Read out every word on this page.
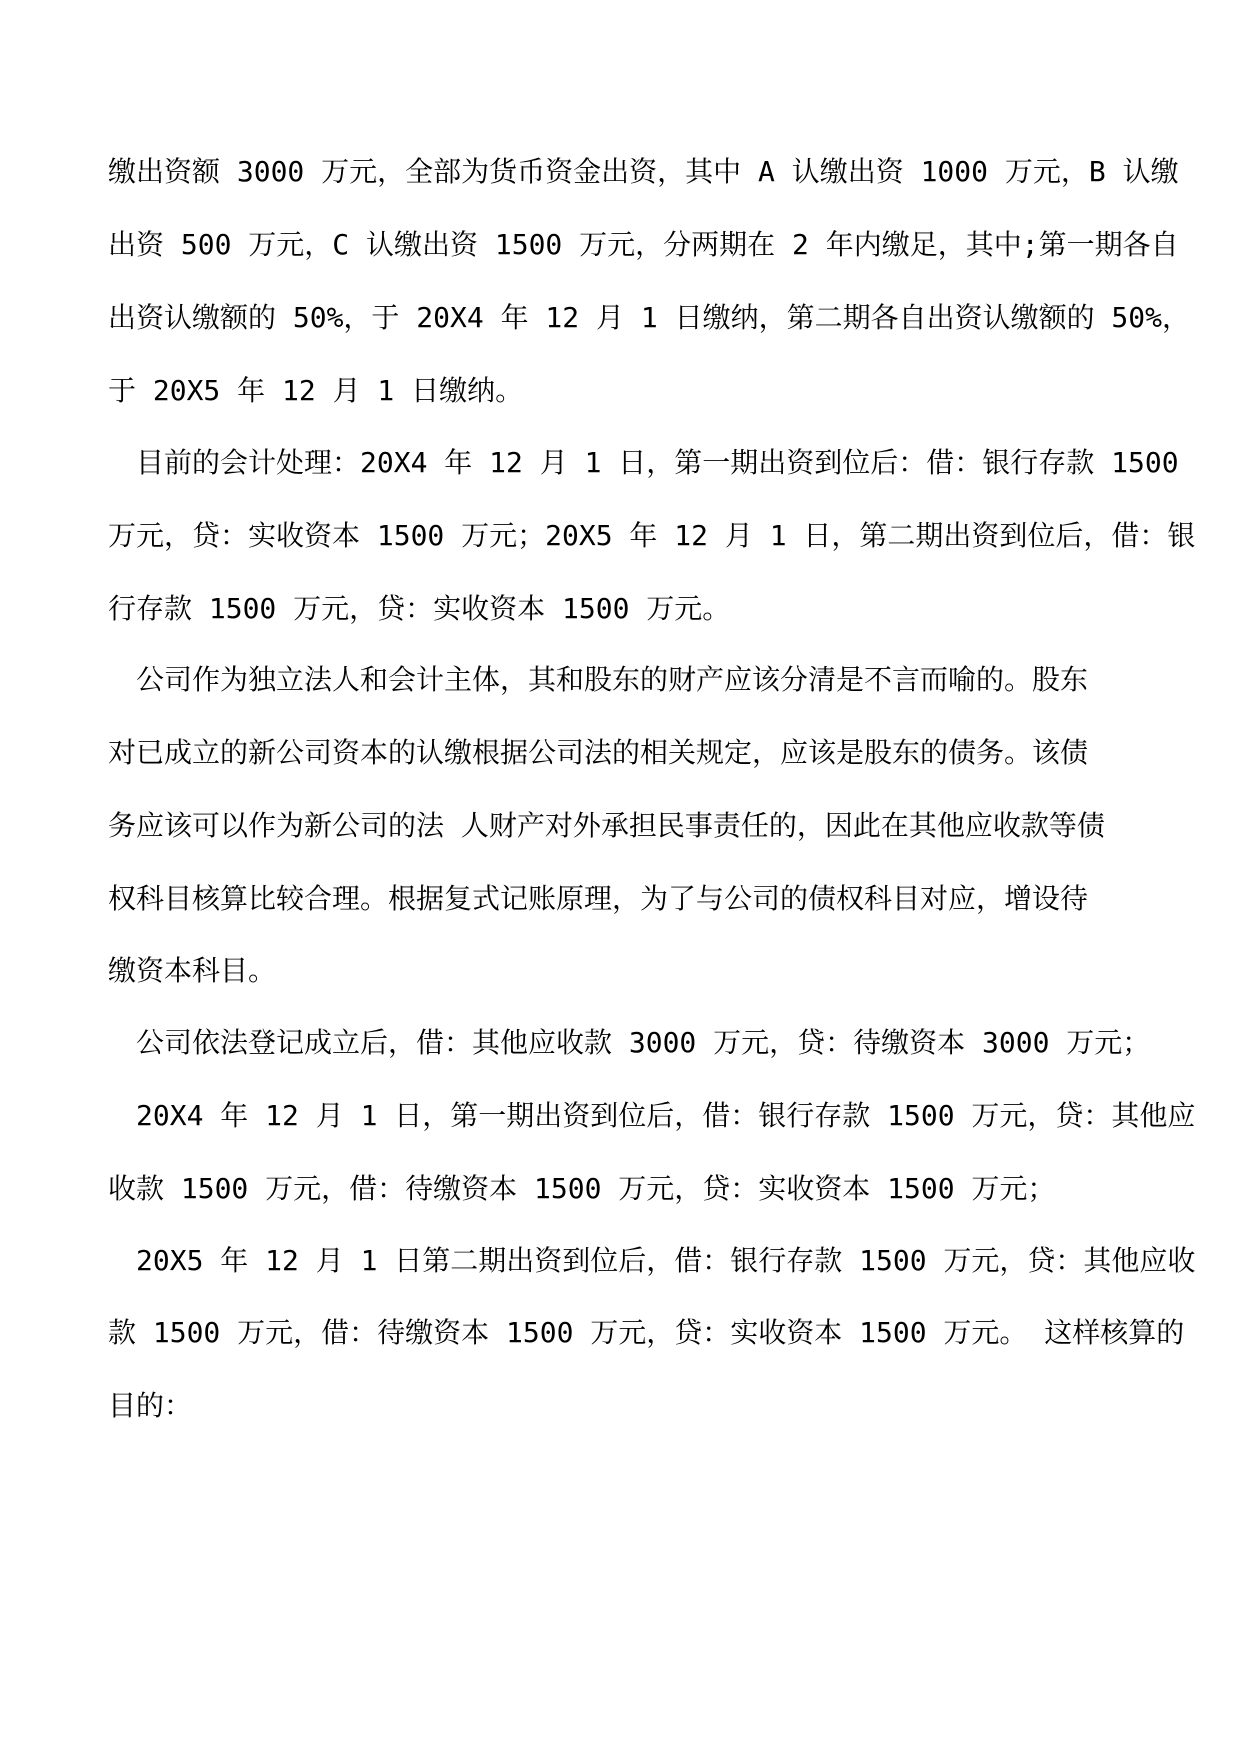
缴出资额 3000 万元，全部为货币资金出资，其中 A 认缴出资 1000 万元，B 认缴
出资 500 万元，C 认缴出资 1500 万元，分两期在 2 年内缴足，其中;第一期各自
出资认缴额的 50%，于 20X4 年 12 月 1 日缴纳，第二期各自出资认缴额的 50%，
于 20X5 年 12 月 1 日缴纳。
目前的会计处理：20X4 年 12 月 1 日，第一期出资到位后：借：银行存款 1500
万元，贷：实收资本 1500 万元；20X5 年 12 月 1 日，第二期出资到位后，借：银
行存款 1500 万元，贷：实收资本 1500 万元。
公司作为独立法人和会计主体，其和股东的财产应该分清是不言而喻的。股东
对已成立的新公司资本的认缴根据公司法的相关规定，应该是股东的债务。该债
务应该可以作为新公司的法 人财产对外承担民事责任的，因此在其他应收款等债
权科目核算比较合理。根据复式记账原理，为了与公司的债权科目对应，增设待
缴资本科目。
公司依法登记成立后，借：其他应收款 3000 万元，贷：待缴资本 3000 万元；
20X4 年 12 月 1 日，第一期出资到位后，借：银行存款 1500 万元，贷：其他应
收款 1500 万元，借：待缴资本 1500 万元，贷：实收资本 1500 万元；
20X5 年 12 月 1 日第二期出资到位后，借：银行存款 1500 万元，贷：其他应收
款 1500 万元，借：待缴资本 1500 万元，贷：实收资本 1500 万元。 这样核算的
目的：
